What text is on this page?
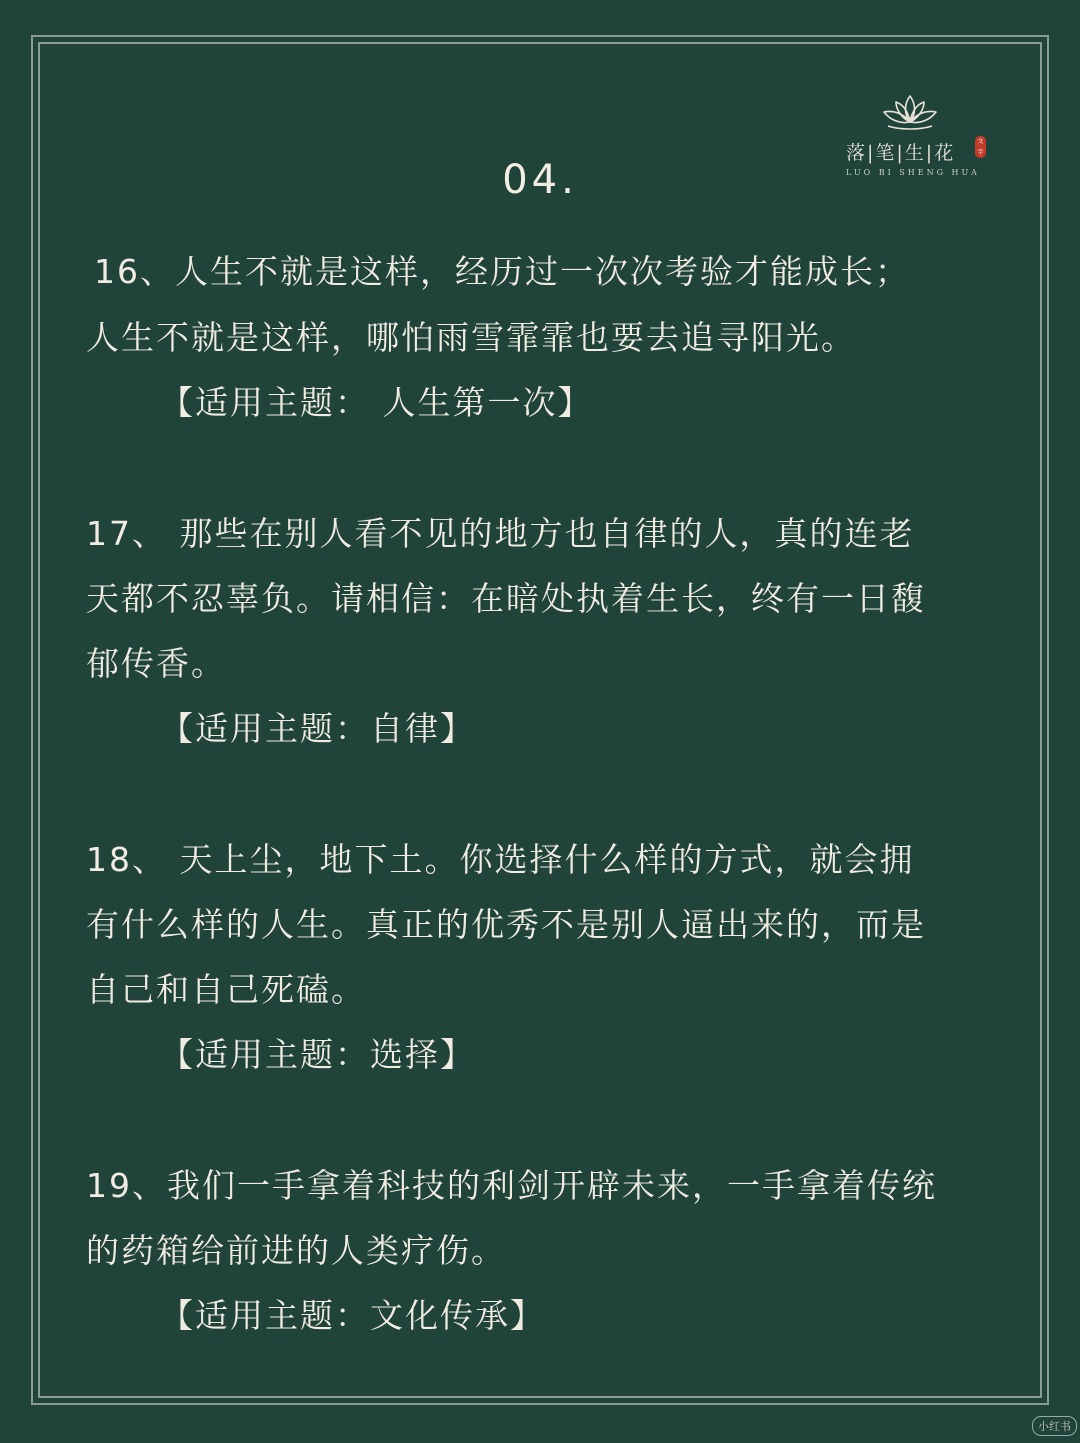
落|笔|生|花
文字
LUO BI SHENG HUA
04.
16、人生不就是这样，经历过一次次考验才能成长；
人生不就是这样，哪怕雨雪霏霏也要去追寻阳光。
【适用主题： 人生第一次】
17、 那些在别人看不见的地方也自律的人，真的连老
天都不忍辜负。请相信：在暗处执着生长，终有一日馥
郁传香。
【适用主题：自律】
18、 天上尘，地下土。你选择什么样的方式，就会拥
有什么样的人生。真正的优秀不是别人逼出来的，而是
自己和自己死磕。
【适用主题：选择】
19、我们一手拿着科技的利剑开辟未来，一手拿着传统
的药箱给前进的人类疗伤。
【适用主题：文化传承】
小红书
